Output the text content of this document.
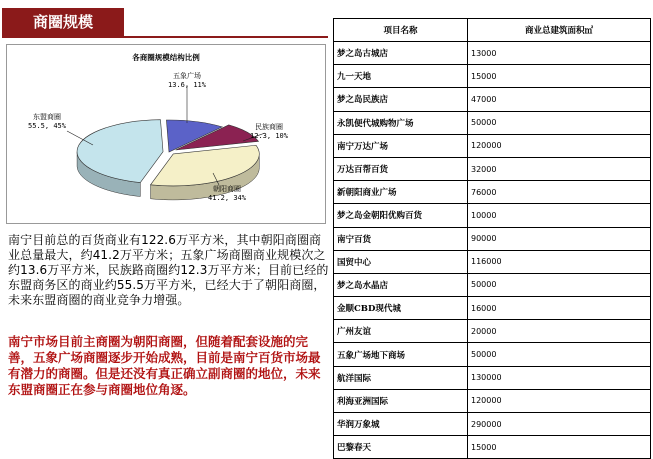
商圈规模
各商圈规模结构比例
五象广场
13.6, 11%
民族商圈
12.3, 10%
朝阳商圈
41.2, 34%
东盟商圈
55.5, 45%
南宁目前总的百货商业有122.6万平方米，其中朝阳商圈商业总量最大，约41.2万平方米；五象广场商圈商业规模次之约13.6万平方米，民族路商圈约12.3万平方米；目前已经的东盟商务区的商业约55.5万平方米，已经大于了朝阳商圈，未来东盟商圈的商业竞争力增强。
南宁市场目前主商圈为朝阳商圈，但随着配套设施的完善，五象广场商圈逐步开始成熟，目前是南宁百货市场最有潜力的商圈。但是还没有真正确立副商圈的地位，未来东盟商圈正在参与商圈地位角逐。
项目名称	商业总建筑面积㎡
梦之岛古城店	13000
九一天地	15000
梦之岛民族店	47000
永凯便代城购物广场	50000
南宁万达广场	120000
万达百帮百货	32000
新朝阳商业广场	76000
梦之岛金朝阳优购百货	10000
南宁百货	90000
国贸中心	116000
梦之岛水晶店	50000
金顺CBD现代城	16000
广州友谊	20000
五象广场地下商场	50000
航洋国际	130000
利海亚洲国际	120000
华润万象城	290000
巴黎春天	15000
